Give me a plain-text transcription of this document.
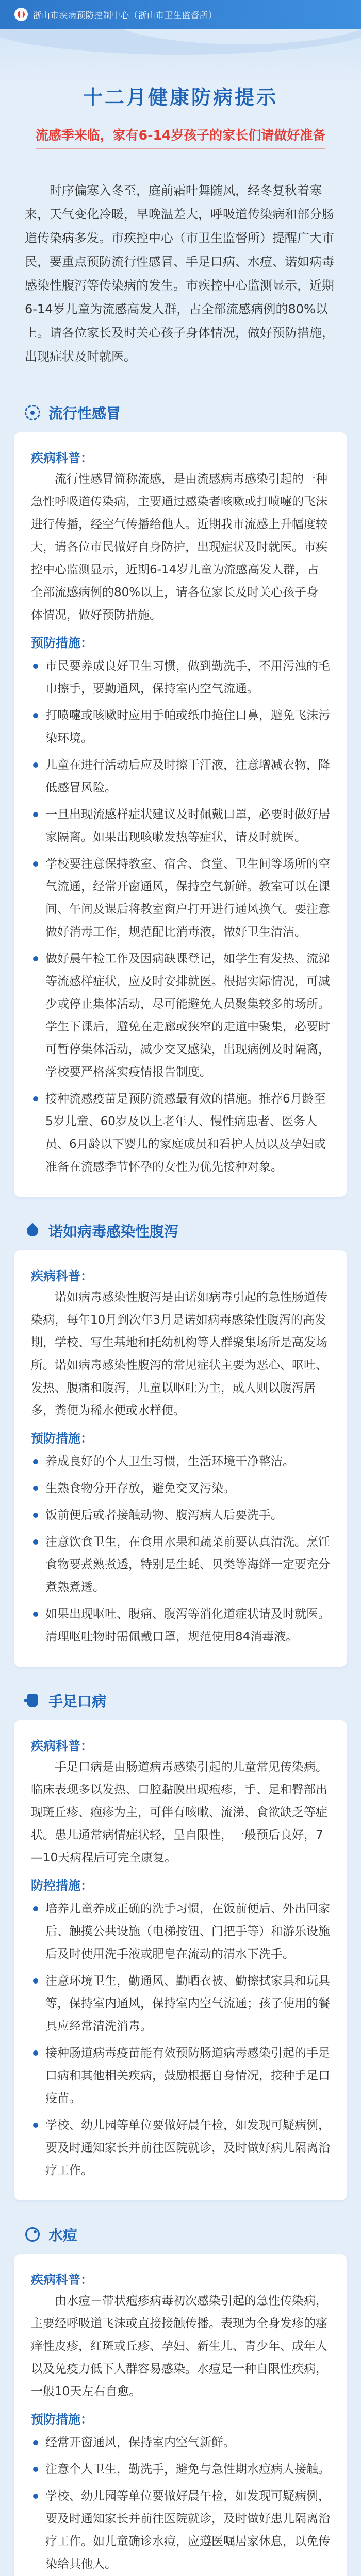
浙山市疾病预防控制中心（浙山市卫生监督所）
十二月健康防病提示
流感季来临，家有6-14岁孩子的家长们请做好准备

时序偏寒入冬至，庭前霜叶舞随风，经冬复秋着寒来，天气变化冷暖，早晚温差大，呼吸道传染病和部分肠道传染病多发。市疾控中心（市卫生监督所）提醒广大市民，要重点预防流行性感冒、手足口病、水痘、诺如病毒感染性腹泻等传染病的发生。市疾控中心监测显示，近期6-14岁儿童为流感高发人群，占全部流感病例的80%以上。请各位家长及时关心孩子身体情况，做好预防措施，出现症状及时就医。

流行性感冒
疾病科普：

流行性感冒简称流感，是由流感病毒感染引起的一种急性呼吸道传染病，主要通过感染者咳嗽或打喷嚏的飞沫进行传播，经空气传播给他人。近期我市流感上升幅度较大，请各位市民做好自身防护，出现症状及时就医。市疾控中心监测显示，近期6-14岁儿童为流感高发人群，占全部流感病例的80%以上，请各位家长及时关心孩子身体情况，做好预防措施。

预防措施：
市民要养成良好卫生习惯，做到勤洗手，不用污浊的毛巾擦手，要勤通风，保持室内空气流通。
打喷嚏或咳嗽时应用手帕或纸巾掩住口鼻，避免飞沫污染环境。
儿童在进行活动后应及时擦干汗液，注意增减衣物，降低感冒风险。
一旦出现流感样症状建议及时佩戴口罩，必要时做好居家隔离。如果出现咳嗽发热等症状，请及时就医。
学校要注意保持教室、宿舍、食堂、卫生间等场所的空气流通，经常开窗通风，保持空气新鲜。教室可以在课间、午间及课后将教室窗户打开进行通风换气。要注意做好消毒工作，规范配比消毒液，做好卫生清洁。
做好晨午检工作及因病缺课登记，如学生有发热、流涕等流感样症状，应及时安排就医。根据实际情况，可减少或停止集体活动，尽可能避免人员聚集较多的场所。学生下课后，避免在走廊或狭窄的走道中聚集，必要时可暂停集体活动，减少交叉感染，出现病例及时隔离，学校要严格落实疫情报告制度。
接种流感疫苗是预防流感最有效的措施。推荐6月龄至5岁儿童、60岁及以上老年人、慢性病患者、医务人员、6月龄以下婴儿的家庭成员和看护人员以及孕妇或准备在流感季节怀孕的女性为优先接种对象。
诺如病毒感染性腹泻
疾病科普：

诺如病毒感染性腹泻是由诺如病毒引起的急性肠道传染病，每年10月到次年3月是诺如病毒感染性腹泻的高发期，学校、写生基地和托幼机构等人群聚集场所是高发场所。诺如病毒感染性腹泻的常见症状主要为恶心、呕吐、发热、腹痛和腹泻，儿童以呕吐为主，成人则以腹泻居多，粪便为稀水便或水样便。

预防措施：
养成良好的个人卫生习惯，生活环境干净整洁。
生熟食物分开存放，避免交叉污染。
饭前便后或者接触动物、腹泻病人后要洗手。
注意饮食卫生，在食用水果和蔬菜前要认真清洗。烹饪食物要煮熟煮透，特别是生蚝、贝类等海鲜一定要充分煮熟煮透。
如果出现呕吐、腹痛、腹泻等消化道症状请及时就医。清理呕吐物时需佩戴口罩，规范使用84消毒液。
手足口病
疾病科普：

手足口病是由肠道病毒感染引起的儿童常见传染病。临床表现多以发热、口腔黏膜出现疱疹，手、足和臀部出现斑丘疹、疱疹为主，可伴有咳嗽、流涕、食欲缺乏等症状。患儿通常病情症状轻，呈自限性，一般预后良好，7—10天病程后可完全康复。

防控措施：
培养儿童养成正确的洗手习惯，在饭前便后、外出回家后、触摸公共设施（电梯按钮、门把手等）和游乐设施后及时使用洗手液或肥皂在流动的清水下洗手。
注意环境卫生，勤通风、勤晒衣被、勤擦拭家具和玩具等，保持室内通风，保持室内空气流通；孩子使用的餐具应经常清洗消毒。
接种肠道病毒疫苗能有效预防肠道病毒感染引起的手足口病和其他相关疾病，鼓励根据自身情况，接种手足口疫苗。
学校、幼儿园等单位要做好晨午检，如发现可疑病例，要及时通知家长并前往医院就诊，及时做好病儿隔离治疗工作。
水痘
疾病科普：

由水痘－带状疱疹病毒初次感染引起的急性传染病，主要经呼吸道飞沫或直接接触传播。表现为全身发疹的瘙痒性皮疹，红斑或丘疹、孕妇、新生儿、青少年、成年人以及免疫力低下人群容易感染。水痘是一种自限性疾病，一般10天左右自愈。

预防措施：
经常开窗通风，保持室内空气新鲜。
注意个人卫生，勤洗手，避免与急性期水痘病人接触。
学校、幼儿园等单位要做好晨午检，如发现可疑病例，要及时通知家长并前往医院就诊，及时做好患儿隔离治疗工作。如儿童确诊水痘，应遵医嘱居家休息，以免传染给其他人。
